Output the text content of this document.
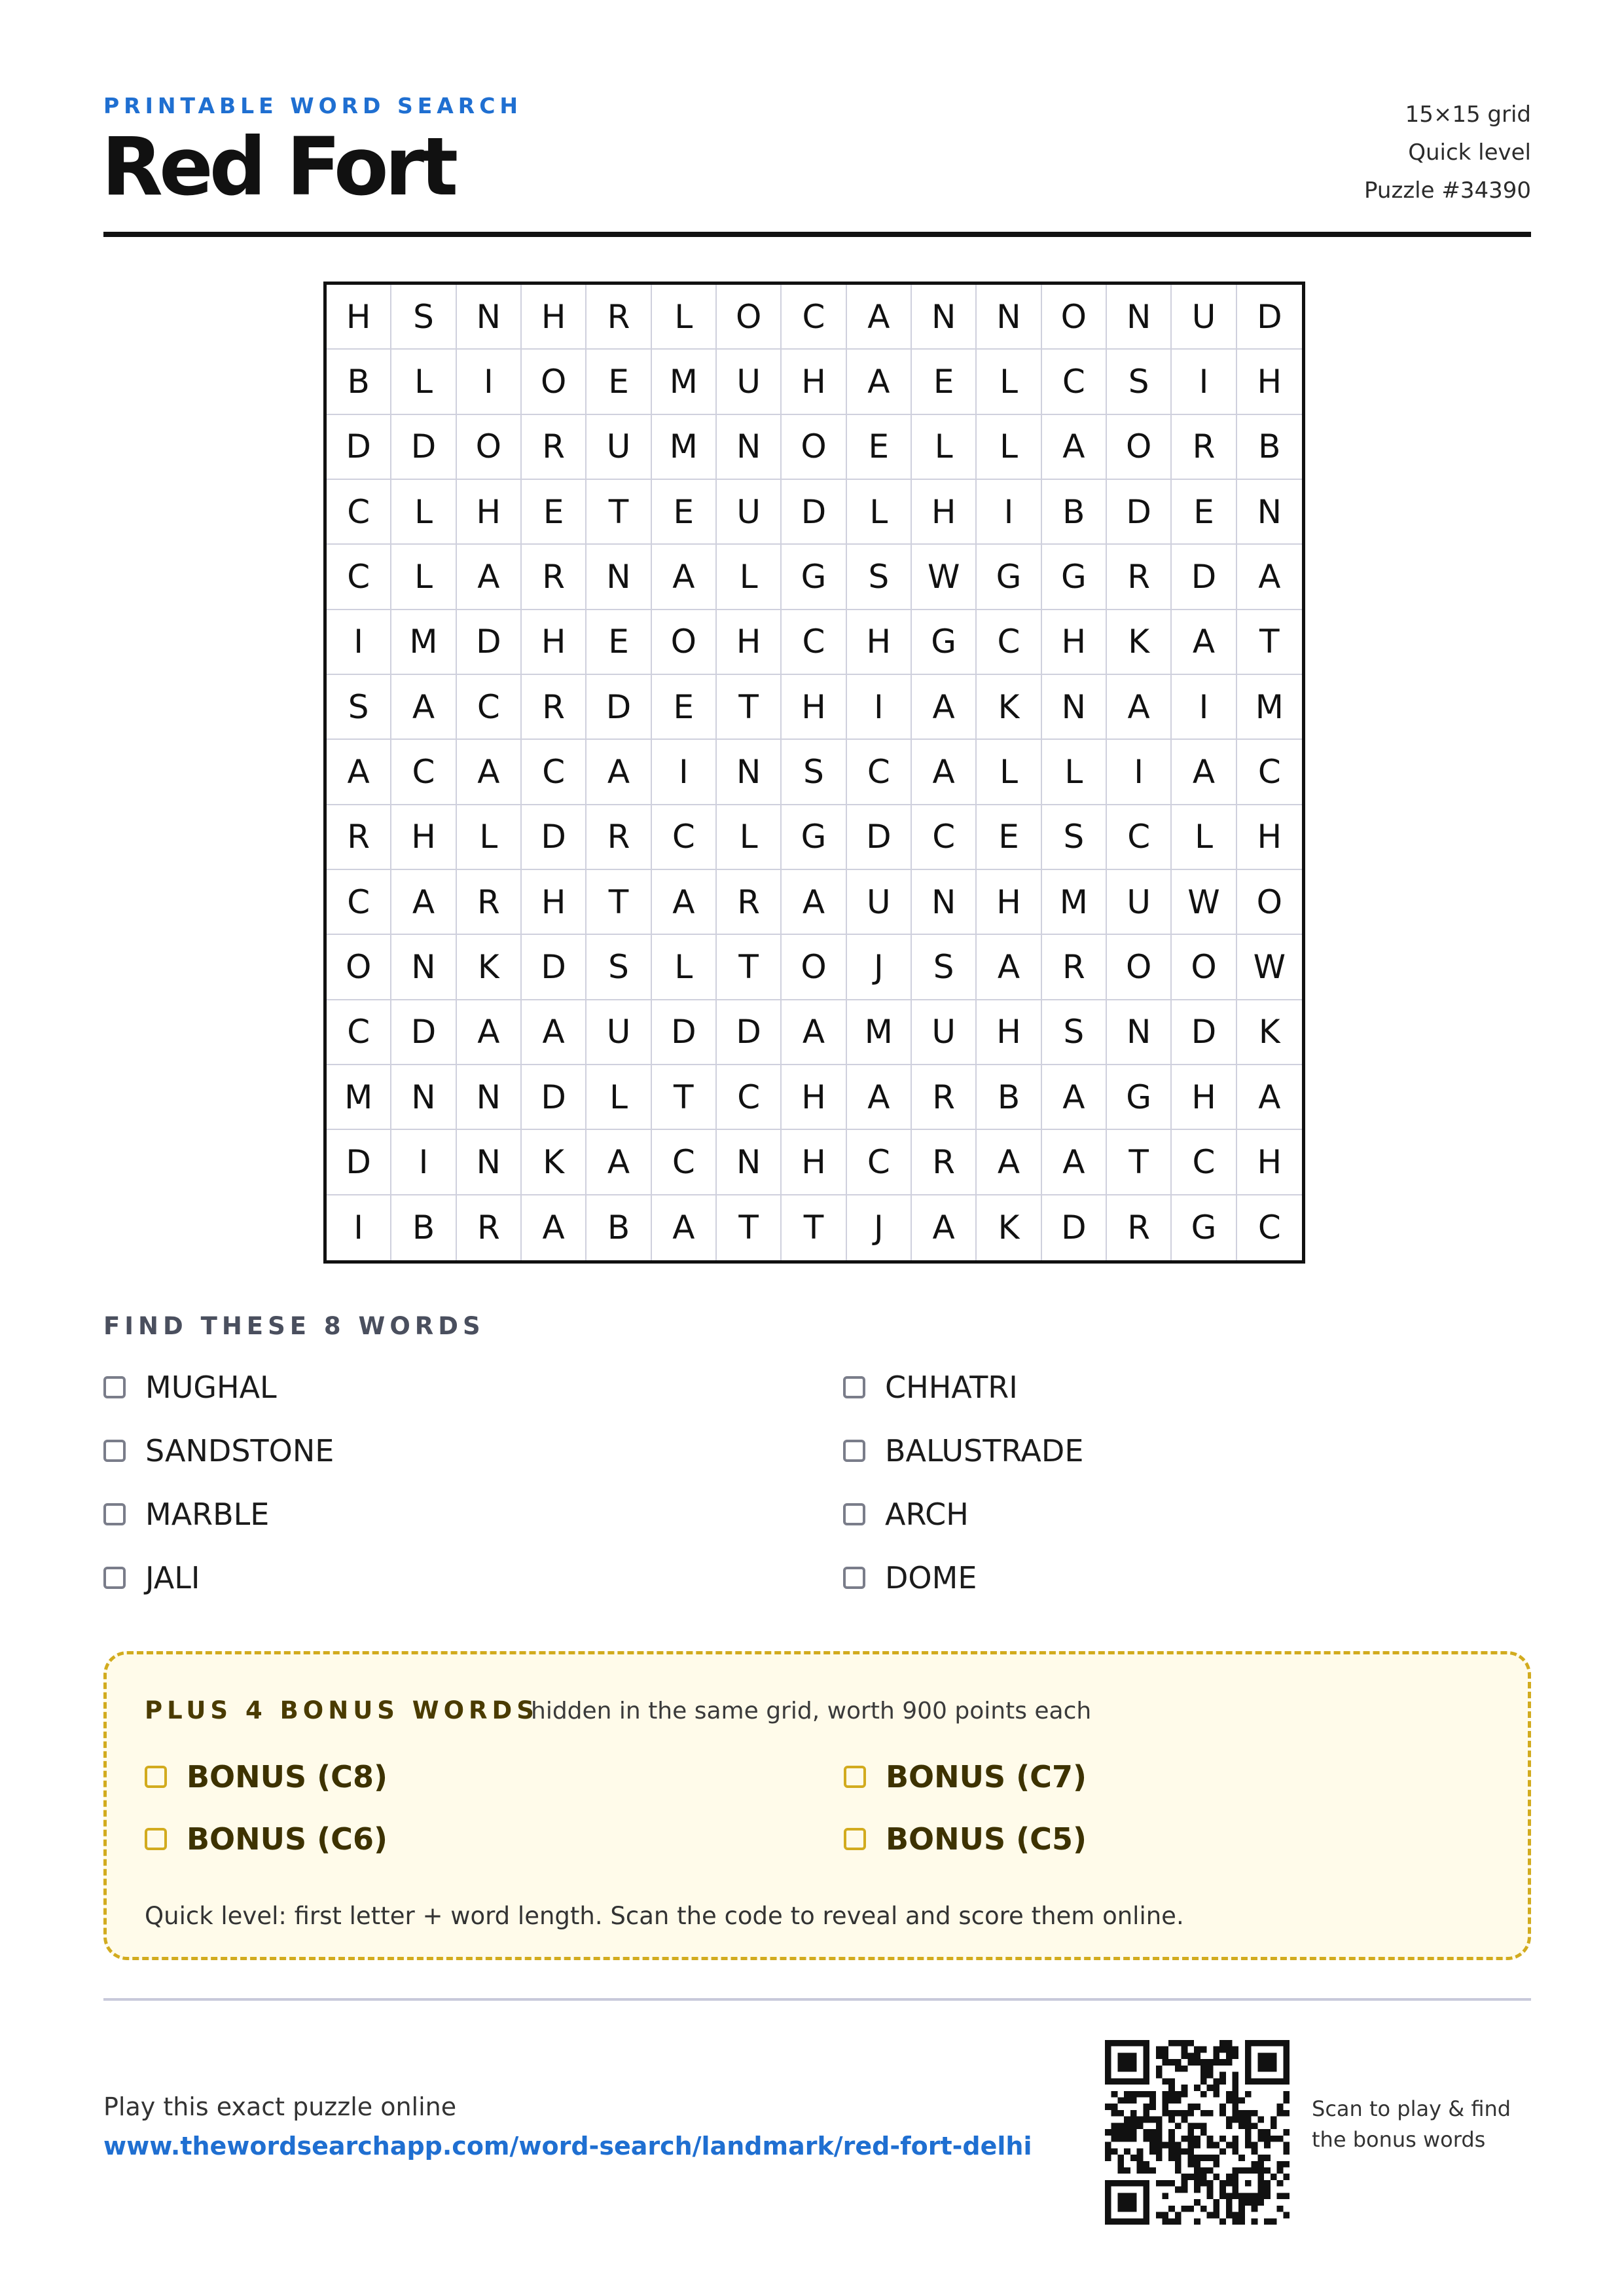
PRINTABLE WORD SEARCH
Red Fort
15×15 grid
Quick level
Puzzle #34390
H	S	N	H	R	L	O	C	A	N	N	O	N	U	D
B	L	I	O	E	M	U	H	A	E	L	C	S	I	H
D	D	O	R	U	M	N	O	E	L	L	A	O	R	B
C	L	H	E	T	E	U	D	L	H	I	B	D	E	N
C	L	A	R	N	A	L	G	S	W	G	G	R	D	A
I	M	D	H	E	O	H	C	H	G	C	H	K	A	T
S	A	C	R	D	E	T	H	I	A	K	N	A	I	M
A	C	A	C	A	I	N	S	C	A	L	L	I	A	C
R	H	L	D	R	C	L	G	D	C	E	S	C	L	H
C	A	R	H	T	A	R	A	U	N	H	M	U	W	O
O	N	K	D	S	L	T	O	J	S	A	R	O	O	W
C	D	A	A	U	D	D	A	M	U	H	S	N	D	K
M	N	N	D	L	T	C	H	A	R	B	A	G	H	A
D	I	N	K	A	C	N	H	C	R	A	A	T	C	H
I	B	R	A	B	A	T	T	J	A	K	D	R	G	C
FIND THESE 8 WORDS
MUGHAL	CHHATRI
SANDSTONE	BALUSTRADE
MARBLE	ARCH
JALI	DOME
PLUS 4 BONUS WORDS
hidden in the same grid, worth 900 points each
BONUS (C8)	BONUS (C7)
BONUS (C6)	BONUS (C5)
Quick level: first letter + word length. Scan the code to reveal and score them online.
Play this exact puzzle online
www.thewordsearchapp.com/word-search/landmark/red-fort-delhi
Scan to play & find the bonus words
